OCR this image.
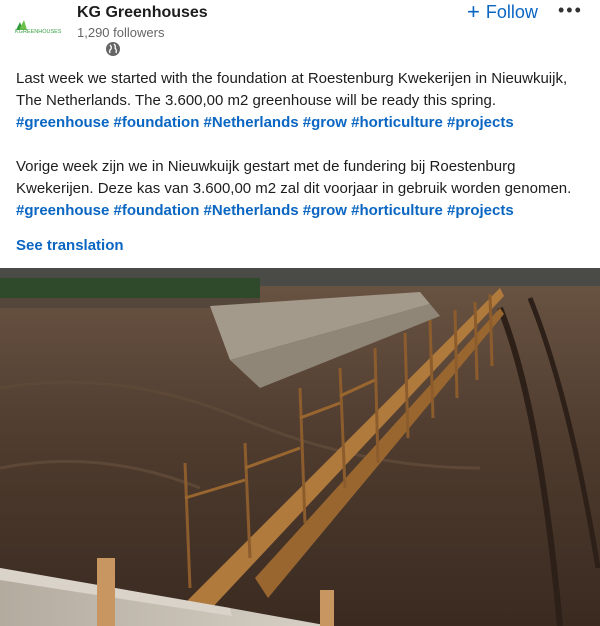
KGREENHOUSES
KG Greenhouses
1,290 followers
+ Follow •••

Last week we started with the foundation at Roestenburg Kwekerijen in Nieuwkuijk, The Netherlands. The 3.600,00 m2 greenhouse will be ready this spring.
#greenhouse #foundation #Netherlands #grow #horticulture #projects

Vorige week zijn we in Nieuwkuijk gestart met de fundering bij Roestenburg Kwekerijen. Deze kas van 3.600,00 m2 zal dit voorjaar in gebruik worden genomen.
#greenhouse #foundation #Netherlands #grow #horticulture #projects

See translation
